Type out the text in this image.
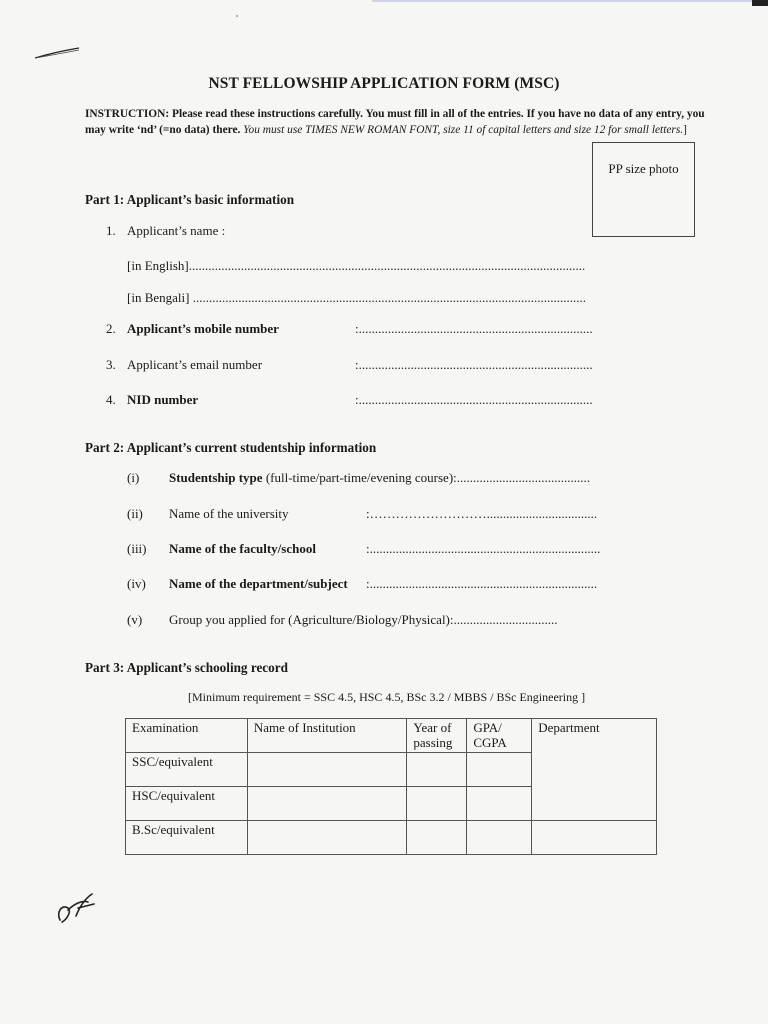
NST FELLOWSHIP APPLICATION FORM (MSC)
INSTRUCTION: Please read these instructions carefully. You must fill in all of the entries. If you have no data of any entry, you may write ‘nd’ (=no data) there. You must use TIMES NEW ROMAN FONT, size 11 of capital letters and size 12 for small letters.]
PP size photo
Part 1: Applicant’s basic information
1. Applicant’s name :
[in English]..........................................................................................................................
[in Bengali] .........................................................................................................................
2. Applicant’s mobile number	:........................................................................
3. Applicant’s email number	:........................................................................
4. NID number	:........................................................................
Part 2: Applicant’s current studentship information
(i) Studentship type (full-time/part-time/evening course):.........................................
(ii) Name of the university	:………………………..................................
(iii) Name of the faculty/school	:.......................................................................
(iv) Name of the department/subject :......................................................................
(v) Group you applied for (Agriculture/Biology/Physical):................................
Part 3: Applicant’s schooling record
[Minimum requirement = SSC 4.5, HSC 4.5, BSc 3.2 / MBBS / BSc Engineering ]
Examination	Name of Institution	Year of passing	GPA/ CGPA	Department
SSC/equivalent				
HSC/equivalent				
B.Sc/equivalent				
